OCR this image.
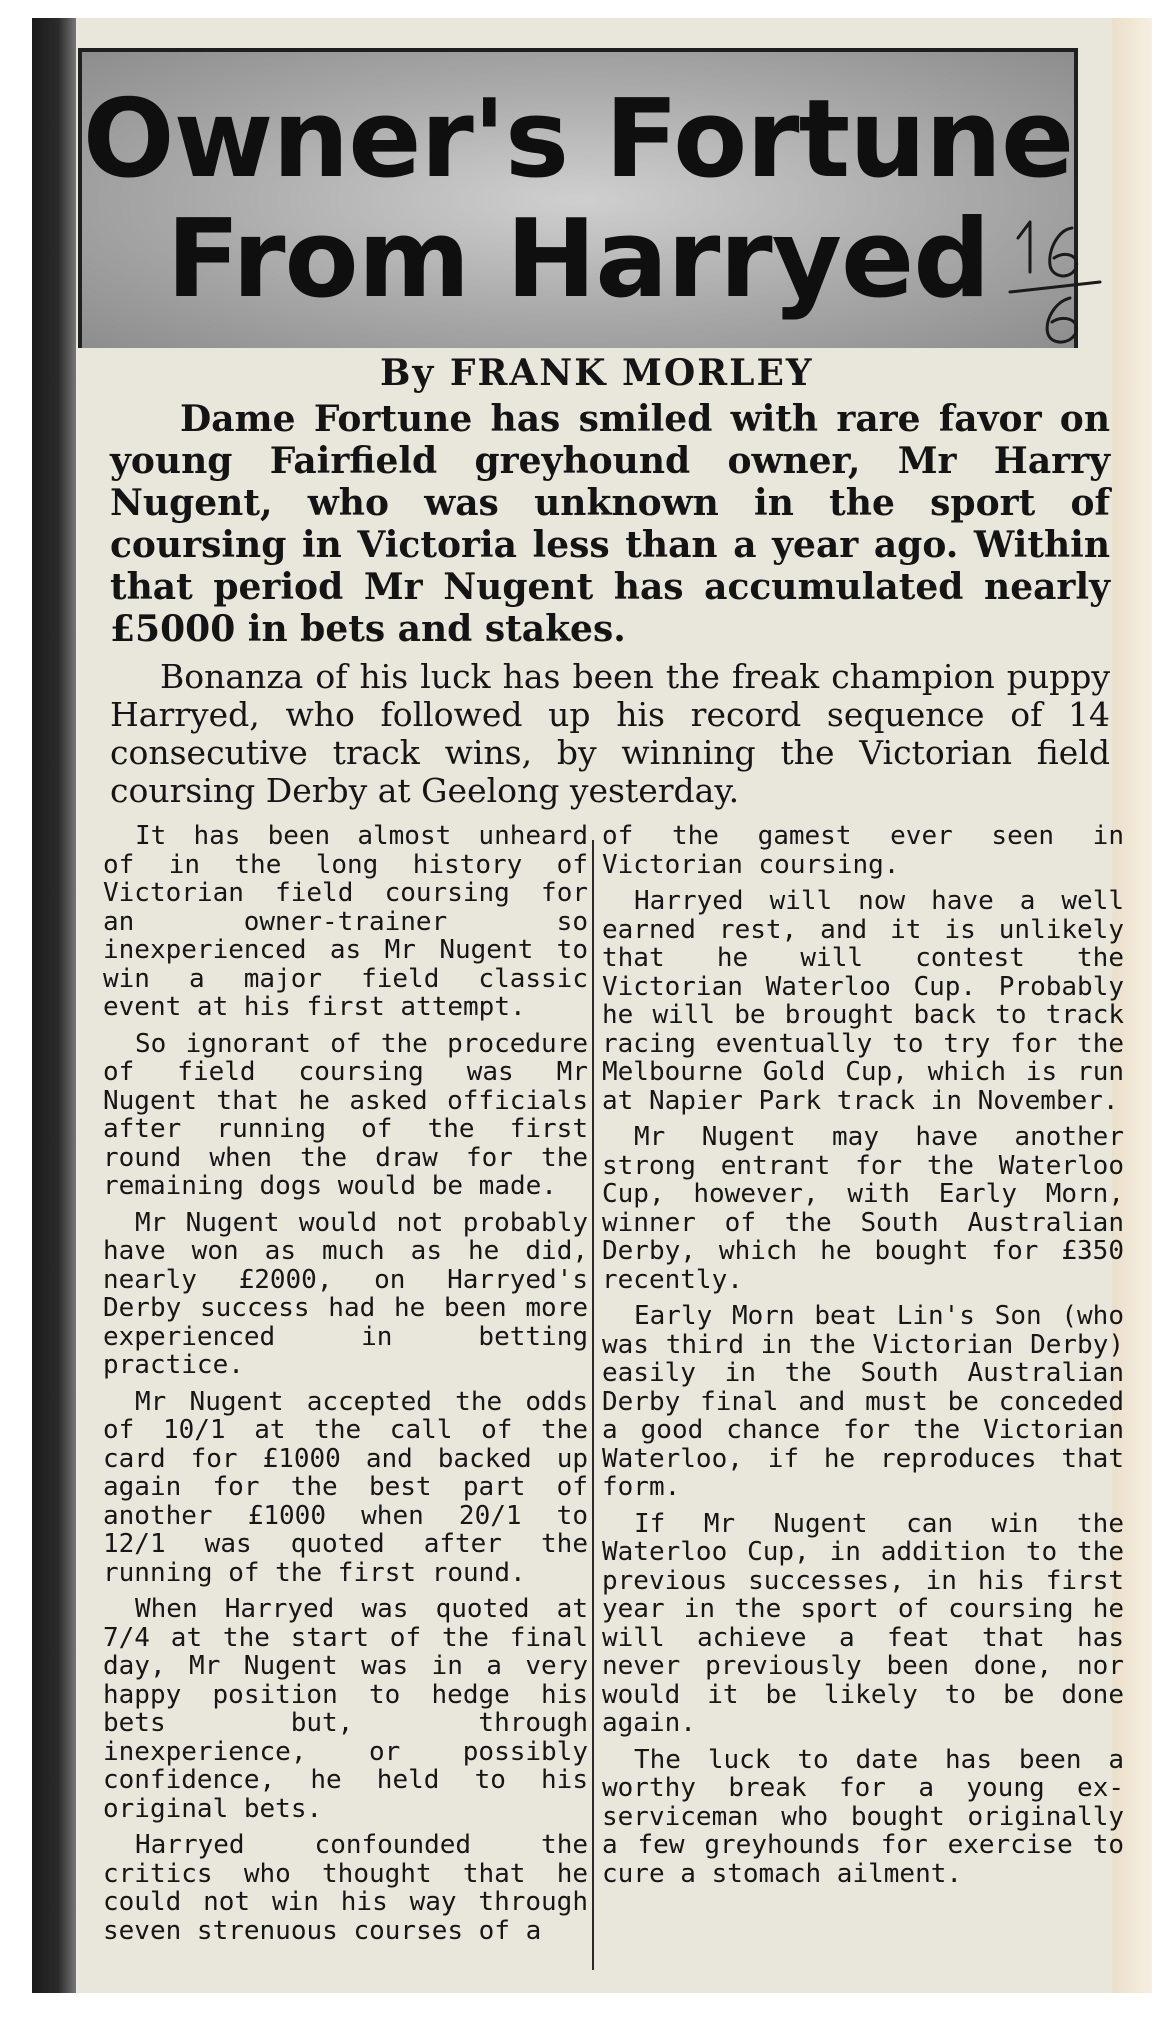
Owner's Fortune
From Harryed
By FRANK MORLEY

Dame Fortune has smiled with rare favor on young Fairfield greyhound owner, Mr Harry Nugent, who was unknown in the sport of coursing in Victoria less than a year ago. Within that period Mr Nugent has accumulated nearly £5000 in bets and stakes.

Bonanza of his luck has been the freak champion puppy Harryed, who followed up his record sequence of 14 consecutive track wins, by winning the Victorian field coursing Derby at Geelong yesterday.

It has been almost unheard of in the long history of Victorian field coursing for an owner-trainer so inexperienced as Mr Nugent to win a major field classic event at his first attempt.

So ignorant of the procedure of field coursing was Mr Nugent that he asked officials after running of the first round when the draw for the remaining dogs would be made.

Mr Nugent would not probably have won as much as he did, nearly £2000, on Harryed's Derby success had he been more experienced in betting practice.

Mr Nugent accepted the odds of 10/1 at the call of the card for £1000 and backed up again for the best part of another £1000 when 20/1 to 12/1 was quoted after the running of the first round.

When Harryed was quoted at 7/4 at the start of the final day, Mr Nugent was in a very happy position to hedge his bets but, through inexperience, or possibly confidence, he held to his original bets.

Harryed confounded the critics who thought that he could not win his way through seven strenuous courses of a

of the gamest ever seen in Victorian coursing.

Harryed will now have a well earned rest, and it is unlikely that he will contest the Victorian Waterloo Cup. Probably he will be brought back to track racing eventually to try for the Melbourne Gold Cup, which is run at Napier Park track in November.

Mr Nugent may have another strong entrant for the Waterloo Cup, however, with Early Morn, winner of the South Australian Derby, which he bought for £350 recently.

Early Morn beat Lin's Son (who was third in the Victorian Derby) easily in the South Australian Derby final and must be conceded a good chance for the Victorian Waterloo, if he reproduces that form.

If Mr Nugent can win the Waterloo Cup, in addition to the previous successes, in his first year in the sport of coursing he will achieve a feat that has never previously been done, nor would it be likely to be done again.

The luck to date has been a worthy break for a young ex-serviceman who bought originally a few greyhounds for exercise to cure a stomach ailment.
